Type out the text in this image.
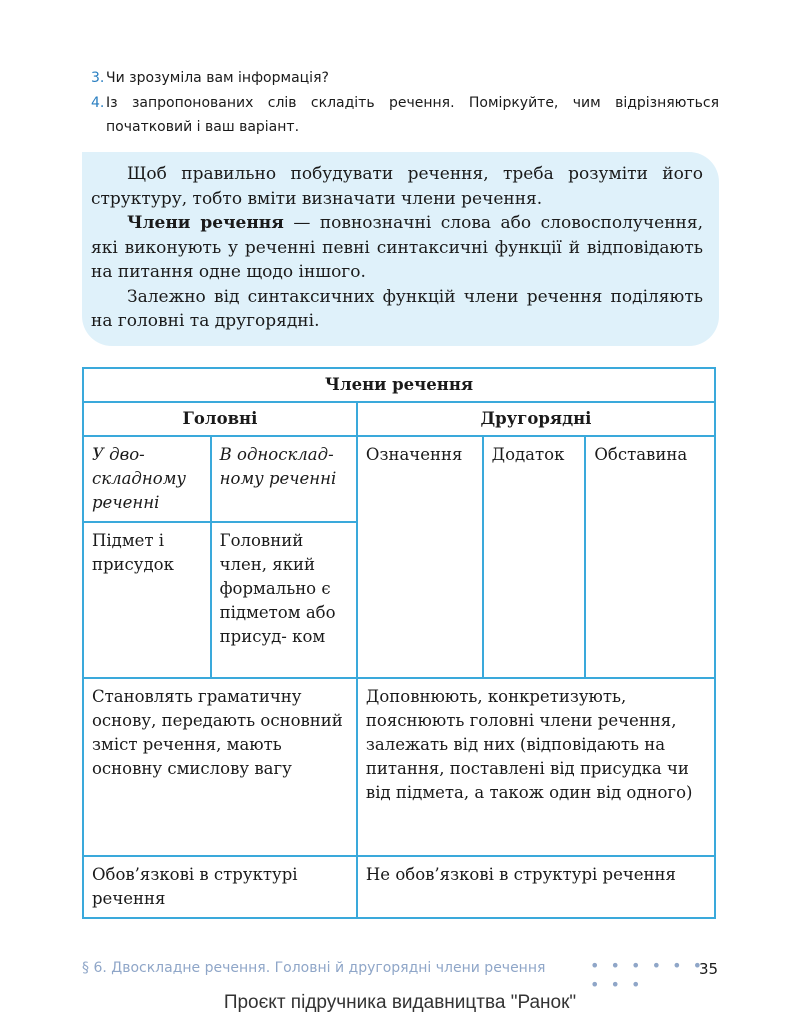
3. Чи зрозуміла вам інформація?
4. Із запропонованих слів складіть речення. Поміркуйте, чим відрізняються початковий і ваш варіант.

Щоб правильно побудувати речення, треба розуміти його структуру, тобто вміти визначати члени речення.

Члени речення — повнозначні слова або словосполучення, які виконують у реченні певні синтаксичні функції й відповідають на питання одне щодо іншого.

Залежно від синтаксичних функцій члени речення поділяють на головні та другорядні.

Члени речення				
Головні		Другорядні		
У дво- складному реченні	В односклад- ному реченні	Означення	Додаток	Обставина
Підмет і присудок	Головний член, який формально є підметом або присуд- ком			
Становлять граматичну основу, передають основний зміст речення, мають основну смислову вагу		Доповнюють, конкретизують, пояснюють головні члени речення, залежать від них (відповідають на питання, поставлені від присудка чи від підмета, а також один від одного)		
Обов’язкові в структурі речення		Не обов’язкові в структурі речення		
§ 6. Двоскладне речення. Головні й другорядні члени речення	• • • • • • • • •
35
Проєкт підручника видавництва "Ранок"
